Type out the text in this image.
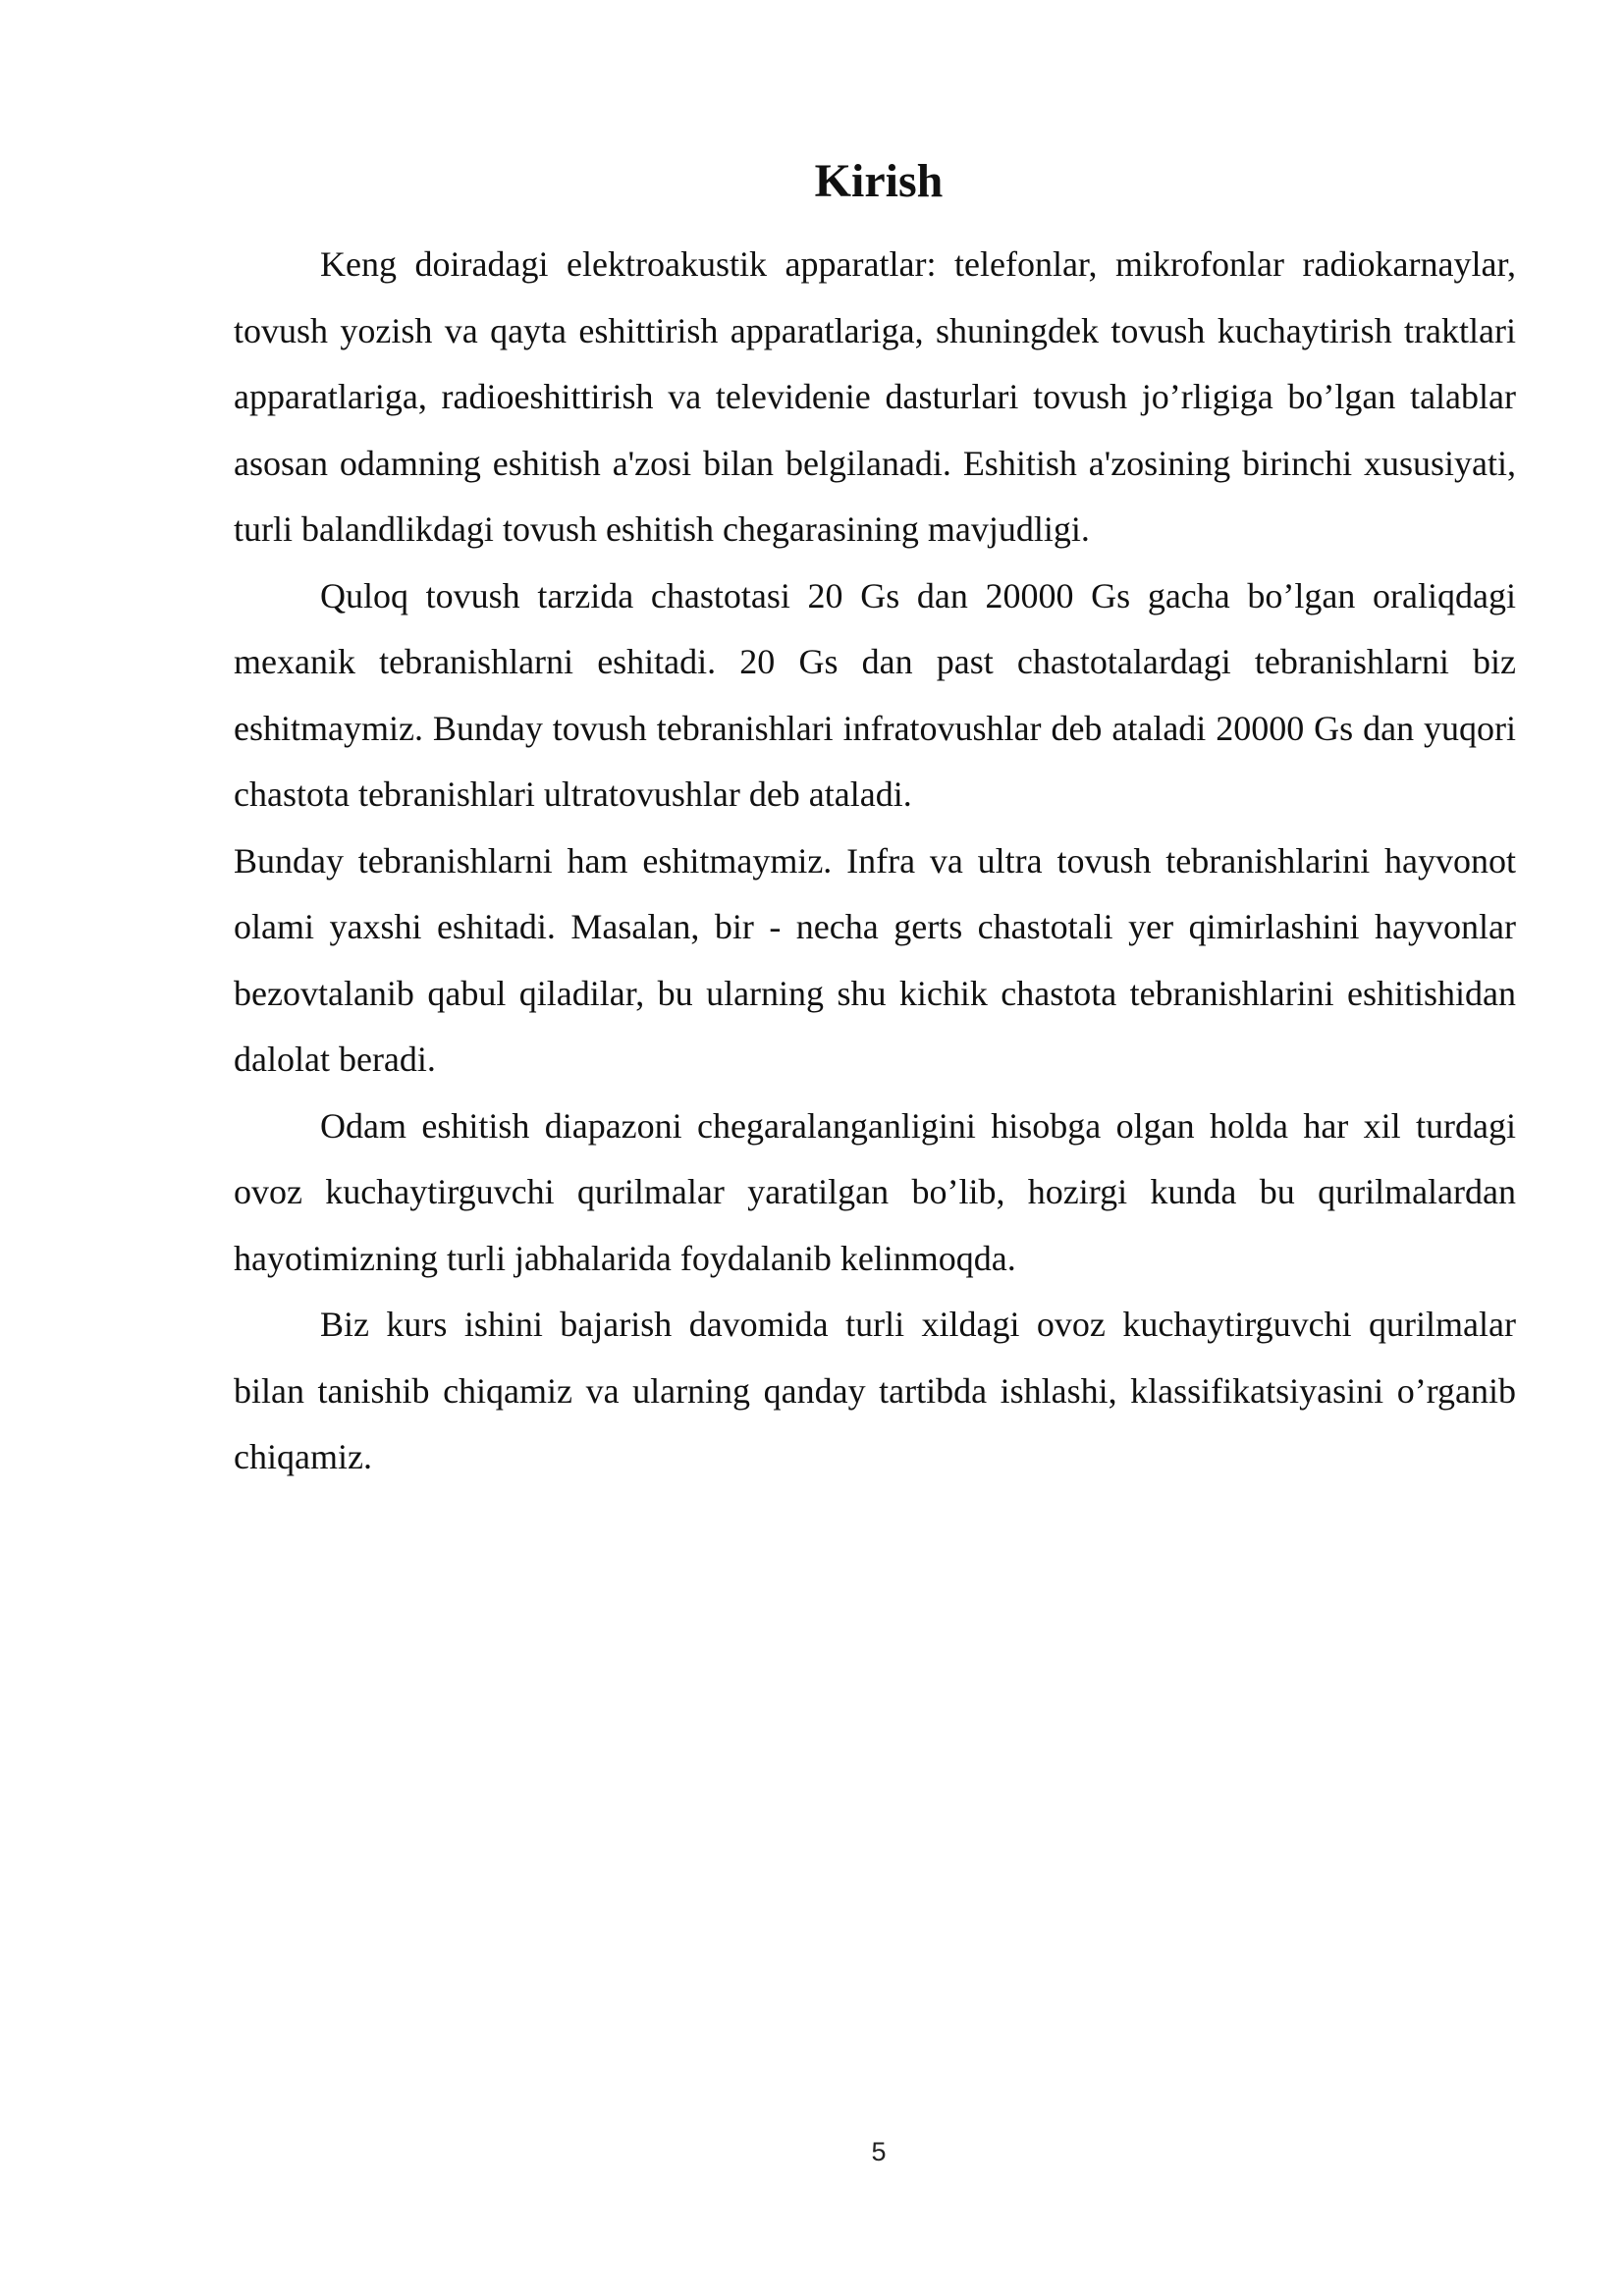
Kirish

Keng doiradagi elektroakustik apparatlar: telefonlar, mikrofonlar radiokarnaylar, tovush yozish va qayta eshittirish apparatlariga, shuningdek tovush kuchaytirish traktlari apparatlariga, radioeshittirish va televidenie dasturlari tovush jo’rligiga bo’lgan talablar asosan odamning eshitish a'zosi bilan belgilanadi. Eshitish a'zosining birinchi xususiyati, turli balandlikdagi tovush eshitish chegarasining mavjudligi.

Quloq tovush tarzida chastotasi 20 Gs dan 20000 Gs gacha bo’lgan oraliqdagi mexanik tebranishlarni eshitadi. 20 Gs dan past chastotalardagi tebranishlarni biz eshitmaymiz. Bunday tovush tebranishlari infratovushlar deb ataladi 20000 Gs dan yuqori chastota tebranishlari ultratovushlar deb ataladi.

Bunday tebranishlarni ham eshitmaymiz. Infra va ultra tovush tebranishlarini hayvonot olami yaxshi eshitadi. Masalan, bir - necha gerts chastotali yer qimirlashini hayvonlar bezovtalanib qabul qiladilar, bu ularning shu kichik chastota tebranishlarini eshitishidan dalolat beradi.

Odam eshitish diapazoni chegaralanganligini hisobga olgan holda har xil turdagi ovoz kuchaytirguvchi qurilmalar yaratilgan bo’lib, hozirgi kunda bu qurilmalardan hayotimizning turli jabhalarida foydalanib kelinmoqda.

Biz kurs ishini bajarish davomida turli xildagi ovoz kuchaytirguvchi qurilmalar bilan tanishib chiqamiz va ularning qanday tartibda ishlashi, klassifikatsiyasini o’rganib chiqamiz.

5
